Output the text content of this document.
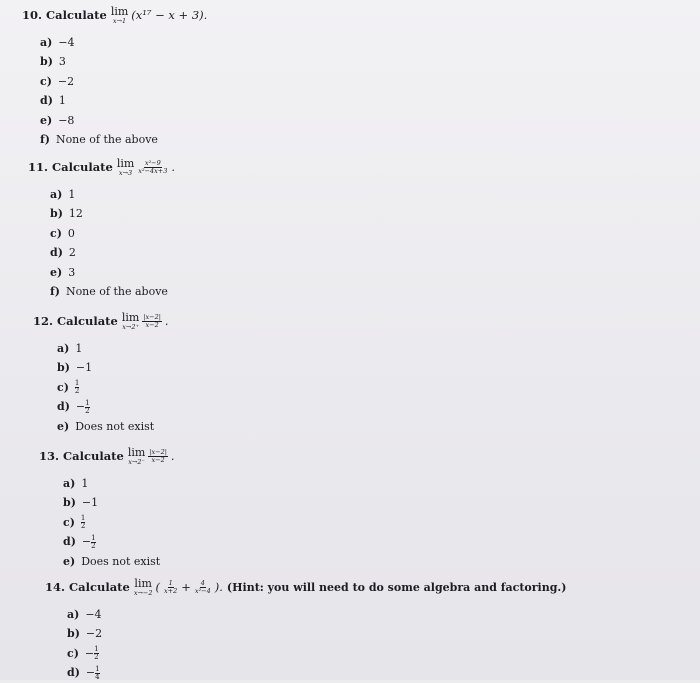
10. Calculate lim
x→1 (x¹⁷ − x + 3).
a) −4
b) 3
c) −2
d) 1
e) −8
f) None of the above
11. Calculate lim
$x\to 3 \frac{\text{x²−9}}{\text{x²−4x+3}}$ .
a) 1
b) 12
c) 0
d) 2
e) 3
f) None of the above
12. Calculate lim
$x\to 2^+ \frac{|x-2|}{x-2}$ .
a) 1
b) −1
$c) \frac{1}{2}$
$d) - \frac{1}{2}$
e) Does not exist
13. Calculate lim
$x\to 2^- \frac{|x-2|}{x-2}$ .
a) 1
b) −1
$c) \frac{1}{2}$
$d) - \frac{1}{2}$
e) Does not exist
14. Calculate lim
x→−2 ( $\frac{1}{x+2} + \frac{4}{\text{x²−4}}$ ). (Hint: you will need to do some algebra and factoring.)
a) −4
b) −2
$c) - \frac{1}{2}$
$d) - \frac{1}{4}$
